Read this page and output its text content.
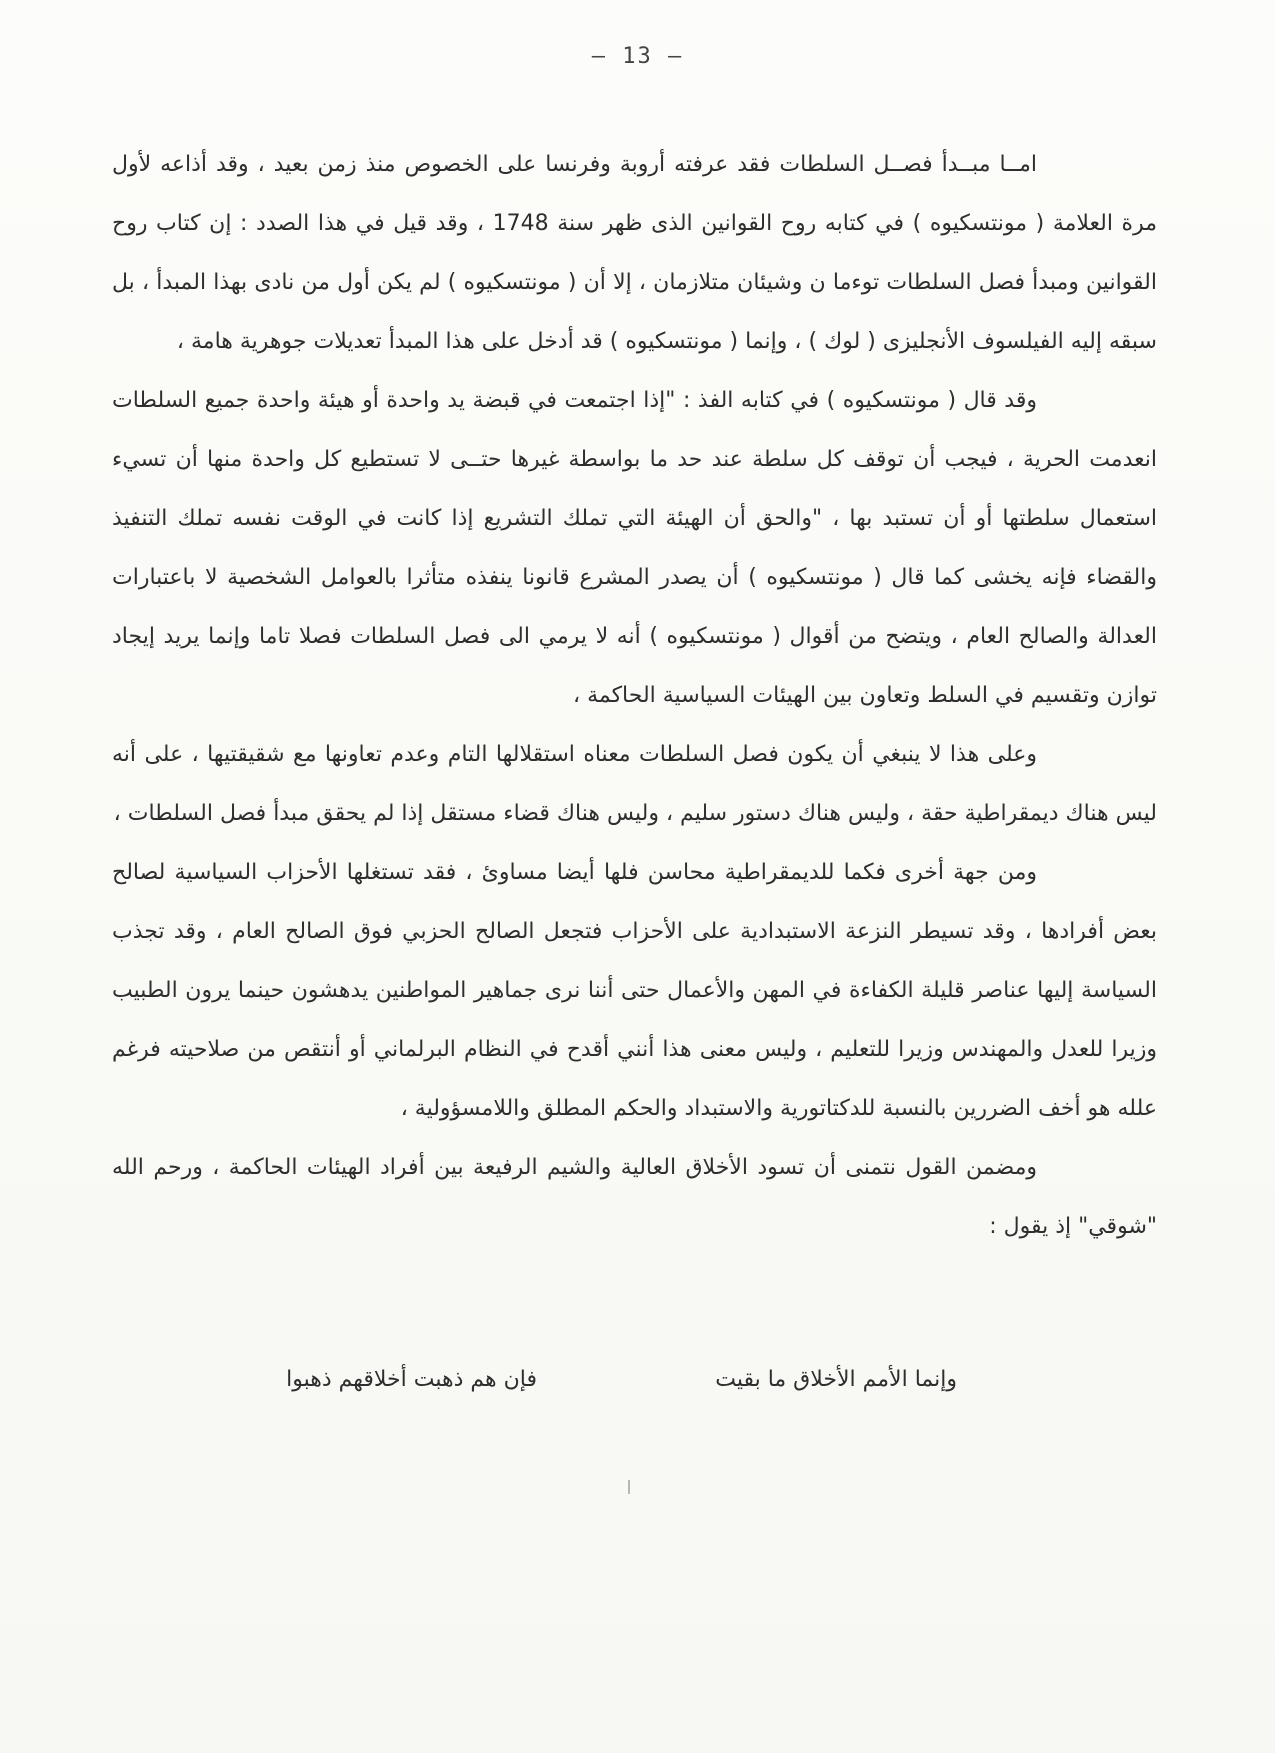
— 13 —

امــا مبــدأ فصــل السلطات فقد عرفته أروبة وفرنسا على الخصوص منذ زمن بعيد ، وقد أذاعه لأول مرة العلامة ( مونتسكيوه ) في كتابه روح القوانين الذى ظهر سنة 1748 ، وقد قيل في هذا الصدد : إن كتاب روح القوانين ومبدأ فصل السلطات توءما ن وشيئان متلازمان ، إلا أن ( مونتسكيوه ) لم يكن أول من نادى بهذا المبدأ ، بل سبقه إليه الفيلسوف الأنجليزى ( لوك ) ، وإنما ( مونتسكيوه ) قد أدخل على هذا المبدأ تعديلات جوهرية هامة ،

وقد قال ( مونتسكيوه ) في كتابه الفذ : "إذا اجتمعت في قبضة يد واحدة أو هيئة واحدة جميع السلطات انعدمت الحرية ، فيجب أن توقف كل سلطة عند حد ما بواسطة غيرها حتــى لا تستطيع كل واحدة منها أن تسيء استعمال سلطتها أو أن تستبد بها ، "والحق أن الهيئة التي تملك التشريع إذا كانت في الوقت نفسه تملك التنفيذ والقضاء فإنه يخشى كما قال ( مونتسكيوه ) أن يصدر المشرع قانونا ينفذه متأثرا بالعوامل الشخصية لا باعتبارات العدالة والصالح العام ، ويتضح من أقوال ( مونتسكيوه ) أنه لا يرمي الى فصل السلطات فصلا تاما وإنما يريد إيجاد توازن وتقسيم في السلط وتعاون بين الهيئات السياسية الحاكمة ،

وعلى هذا لا ينبغي أن يكون فصل السلطات معناه استقلالها التام وعدم تعاونها مع شقيقتيها ، على أنه ليس هناك ديمقراطية حقة ، وليس هناك دستور سليم ، وليس هناك قضاء مستقل إذا لم يحقق مبدأ فصل السلطات ،

ومن جهة أخرى فكما للديمقراطية محاسن فلها أيضا مساوئ ، فقد تستغلها الأحزاب السياسية لصالح بعض أفرادها ، وقد تسيطر النزعة الاستبدادية على الأحزاب فتجعل الصالح الحزبي فوق الصالح العام ، وقد تجذب السياسة إليها عناصر قليلة الكفاءة في المهن والأعمال حتى أننا نرى جماهير المواطنين يدهشون حينما يرون الطبيب وزيرا للعدل والمهندس وزيرا للتعليم ، وليس معنى هذا أنني أقدح في النظام البرلماني أو أنتقص من صلاحيته فرغم علله هو أخف الضررين بالنسبة للدكتاتورية والاستبداد والحكم المطلق واللامسؤولية ،

ومضمن القول نتمنى أن تسود الأخلاق العالية والشيم الرفيعة بين أفراد الهيئات الحاكمة ، ورحم الله "شوقي" إذ يقول :

وإنما الأمم الأخلاق ما بقيت
فإن هم ذهبت أخلاقهم ذهبوا
